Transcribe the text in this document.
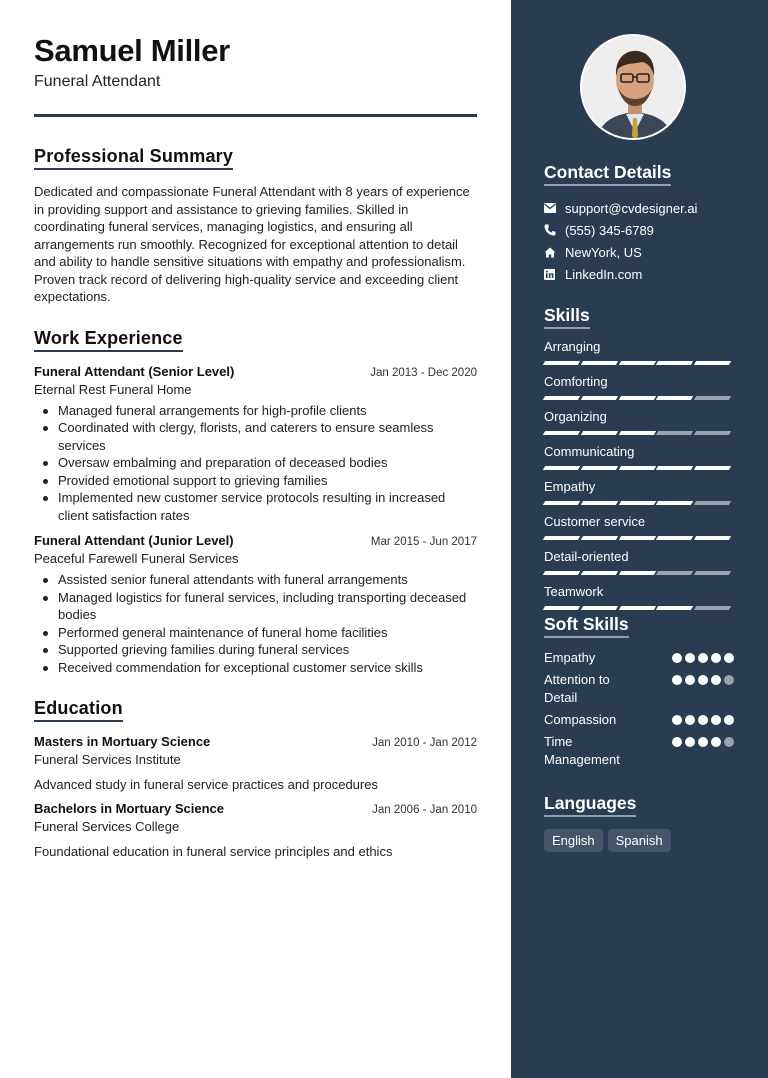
Samuel Miller
Funeral Attendant
Professional Summary
Dedicated and compassionate Funeral Attendant with 8 years of experience in providing support and assistance to grieving families. Skilled in coordinating funeral services, managing logistics, and ensuring all arrangements run smoothly. Recognized for exceptional attention to detail and ability to handle sensitive situations with empathy and professionalism. Proven track record of delivering high-quality service and exceeding client expectations.
Work Experience
Funeral Attendant (Senior Level)	Jan 2013 - Dec 2020
Eternal Rest Funeral Home
Managed funeral arrangements for high-profile clients
Coordinated with clergy, florists, and caterers to ensure seamless services
Oversaw embalming and preparation of deceased bodies
Provided emotional support to grieving families
Implemented new customer service protocols resulting in increased client satisfaction rates
Funeral Attendant (Junior Level)	Mar 2015 - Jun 2017
Peaceful Farewell Funeral Services
Assisted senior funeral attendants with funeral arrangements
Managed logistics for funeral services, including transporting deceased bodies
Performed general maintenance of funeral home facilities
Supported grieving families during funeral services
Received commendation for exceptional customer service skills
Education
Masters in Mortuary Science	Jan 2010 - Jan 2012
Funeral Services Institute
Advanced study in funeral service practices and procedures
Bachelors in Mortuary Science	Jan 2006 - Jan 2010
Funeral Services College
Foundational education in funeral service principles and ethics
Contact Details
support@cvdesigner.ai
(555) 345-6789
NewYork, US
LinkedIn.com
Skills
Arranging
Comforting
Organizing
Communicating
Empathy
Customer service
Detail-oriented
Teamwork
Soft Skills
Empathy
Attention to Detail
Compassion
Time Management
Languages
English	Spanish
